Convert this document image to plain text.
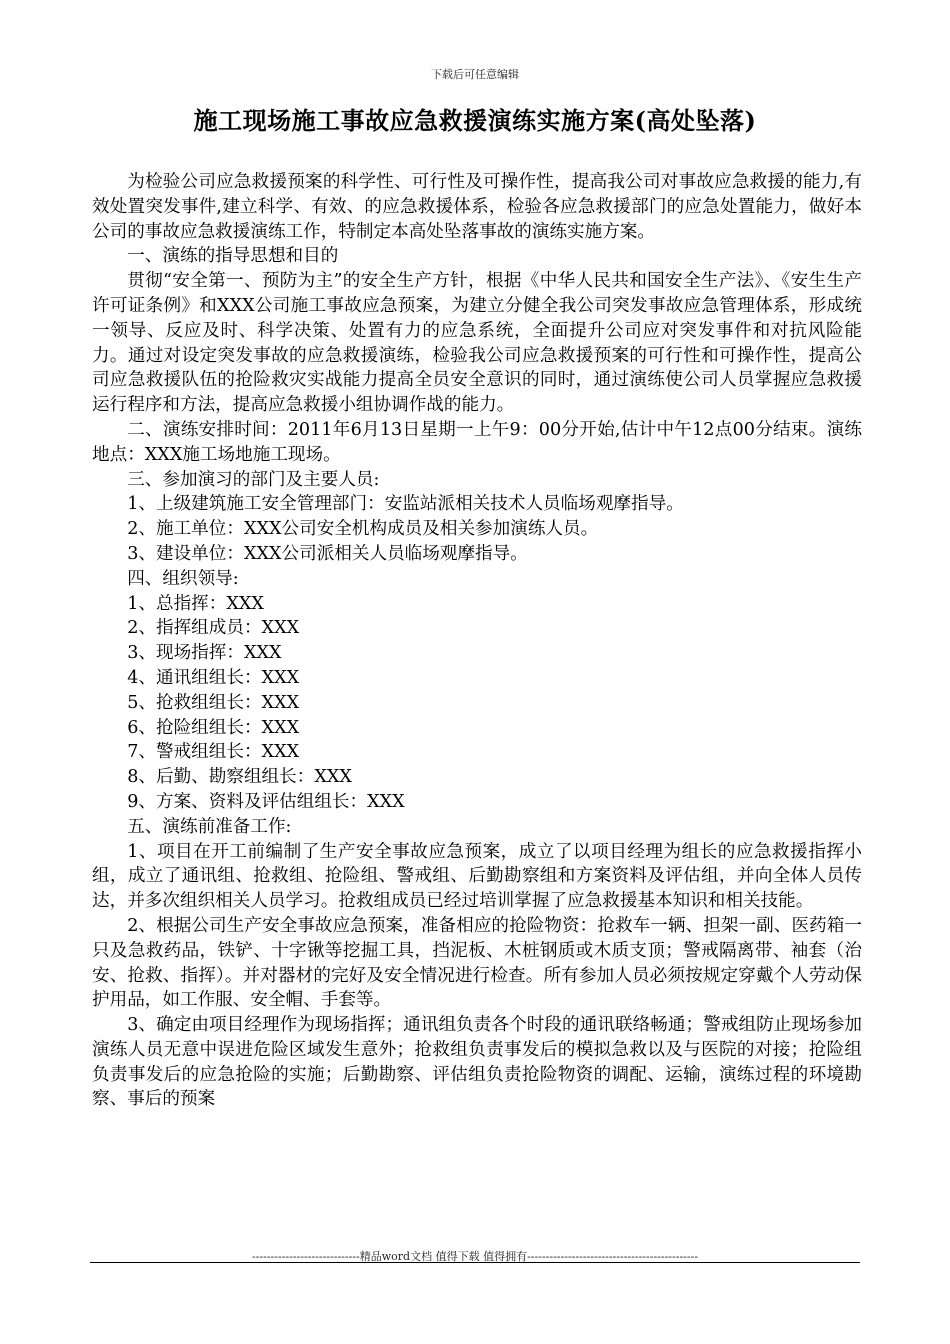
下载后可任意编辑
施工现场施工事故应急救援演练实施方案(高处坠落)

为检验公司应急救援预案的科学性、可行性及可操作性，提高我公司对事故应急救援的能力,有效处置突发事件,建立科学、有效、的应急救援体系，检验各应急救援部门的应急处置能力，做好本公司的事故应急救援演练工作，特制定本高处坠落事故的演练实施方案。

一、演练的指导思想和目的

贯彻“安全第一、预防为主”的安全生产方针，根据《中华人民共和国安全生产法》、《安生生产许可证条例》和XXX公司施工事故应急预案，为建立分健全我公司突发事故应急管理体系，形成统一领导、反应及时、科学决策、处置有力的应急系统，全面提升公司应对突发事件和对抗风险能力。通过对设定突发事故的应急救援演练，检验我公司应急救援预案的可行性和可操作性，提高公司应急救援队伍的抢险救灾实战能力提高全员安全意识的同时，通过演练使公司人员掌握应急救援运行程序和方法，提高应急救援小组协调作战的能力。

二、演练安排时间：2011年6月13日星期一上午9：00分开始,估计中午12点00分结束。演练地点：XXX施工场地施工现场。

三、参加演习的部门及主要人员:

1、上级建筑施工安全管理部门：安监站派相关技术人员临场观摩指导。

2、施工单位：XXX公司安全机构成员及相关参加演练人员。

3、建设单位：XXX公司派相关人员临场观摩指导。

四、组织领导:

1、总指挥：XXX

2、指挥组成员：XXX

3、现场指挥：XXX

4、通讯组组长：XXX

5、抢救组组长：XXX

6、抢险组组长：XXX

7、警戒组组长：XXX

8、后勤、勘察组组长：XXX

9、方案、资料及评估组组长：XXX

五、演练前准备工作:

1、项目在开工前编制了生产安全事故应急预案，成立了以项目经理为组长的应急救援指挥小组，成立了通讯组、抢救组、抢险组、警戒组、后勤勘察组和方案资料及评估组，并向全体人员传达，并多次组织相关人员学习。抢救组成员已经过培训掌握了应急救援基本知识和相关技能。

2、根据公司生产安全事故应急预案，准备相应的抢险物资：抢救车一辆、担架一副、医药箱一只及急救药品，铁铲、十字锹等挖掘工具，挡泥板、木桩钢质或木质支顶；警戒隔离带、袖套（治安、抢救、指挥）。并对器材的完好及安全情况进行检查。所有参加人员必须按规定穿戴个人劳动保护用品，如工作服、安全帽、手套等。

3、确定由项目经理作为现场指挥；通讯组负责各个时段的通讯联络畅通；警戒组防止现场参加演练人员无意中误进危险区域发生意外；抢救组负责事发后的模拟急救以及与医院的对接；抢险组负责事发后的应急抢险的实施；后勤勘察、评估组负责抢险物资的调配、运输，演练过程的环境勘察、事后的预案

-----------------------------精品word文档 值得下载 值得拥有----------------------------------------------
